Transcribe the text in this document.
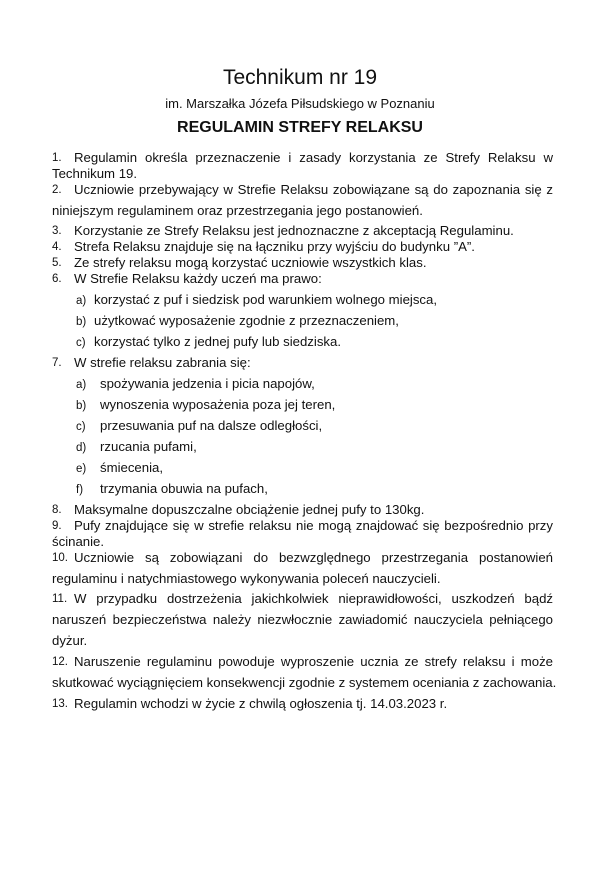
Technikum nr 19
im. Marszałka Józefa Piłsudskiego w Poznaniu
REGULAMIN STREFY RELAKSU
1. Regulamin określa przeznaczenie i zasady korzystania ze Strefy Relaksu w
Technikum 19.
2. Uczniowie przebywający w Strefie Relaksu zobowiązane są do zapoznania się z
niniejszym regulaminem oraz przestrzegania jego postanowień.
3. Korzystanie ze Strefy Relaksu jest jednoznaczne z akceptacją Regulaminu.
4. Strefa Relaksu znajduje się na łączniku przy wyjściu do budynku ”A”.
5. Ze strefy relaksu mogą korzystać uczniowie wszystkich klas.
6. W Strefie Relaksu każdy uczeń ma prawo:
a) korzystać z puf i siedzisk pod warunkiem wolnego miejsca,
b) użytkować wyposażenie zgodnie z przeznaczeniem,
c) korzystać tylko z jednej pufy lub siedziska.
7. W strefie relaksu zabrania się:
a) spożywania jedzenia i picia napojów,
b) wynoszenia wyposażenia poza jej teren,
c) przesuwania puf na dalsze odległości,
d) rzucania pufami,
e) śmiecenia,
f) trzymania obuwia na pufach,
8. Maksymalne dopuszczalne obciążenie jednej pufy to 130kg.
9. Pufy znajdujące się w strefie relaksu nie mogą znajdować się bezpośrednio przy
ścinanie.
10. Uczniowie są zobowiązani do bezwzględnego przestrzegania postanowień
regulaminu i natychmiastowego wykonywania poleceń nauczycieli.
11. W przypadku dostrzeżenia jakichkolwiek nieprawidłowości, uszkodzeń bądź
naruszeń bezpieczeństwa należy niezwłocznie zawiadomić nauczyciela pełniącego
dyżur.
12. Naruszenie regulaminu powoduje wyproszenie ucznia ze strefy relaksu i może
skutkować wyciągnięciem konsekwencji zgodnie z systemem oceniania z zachowania.
13. Regulamin wchodzi w życie z chwilą ogłoszenia tj. 14.03.2023 r.
